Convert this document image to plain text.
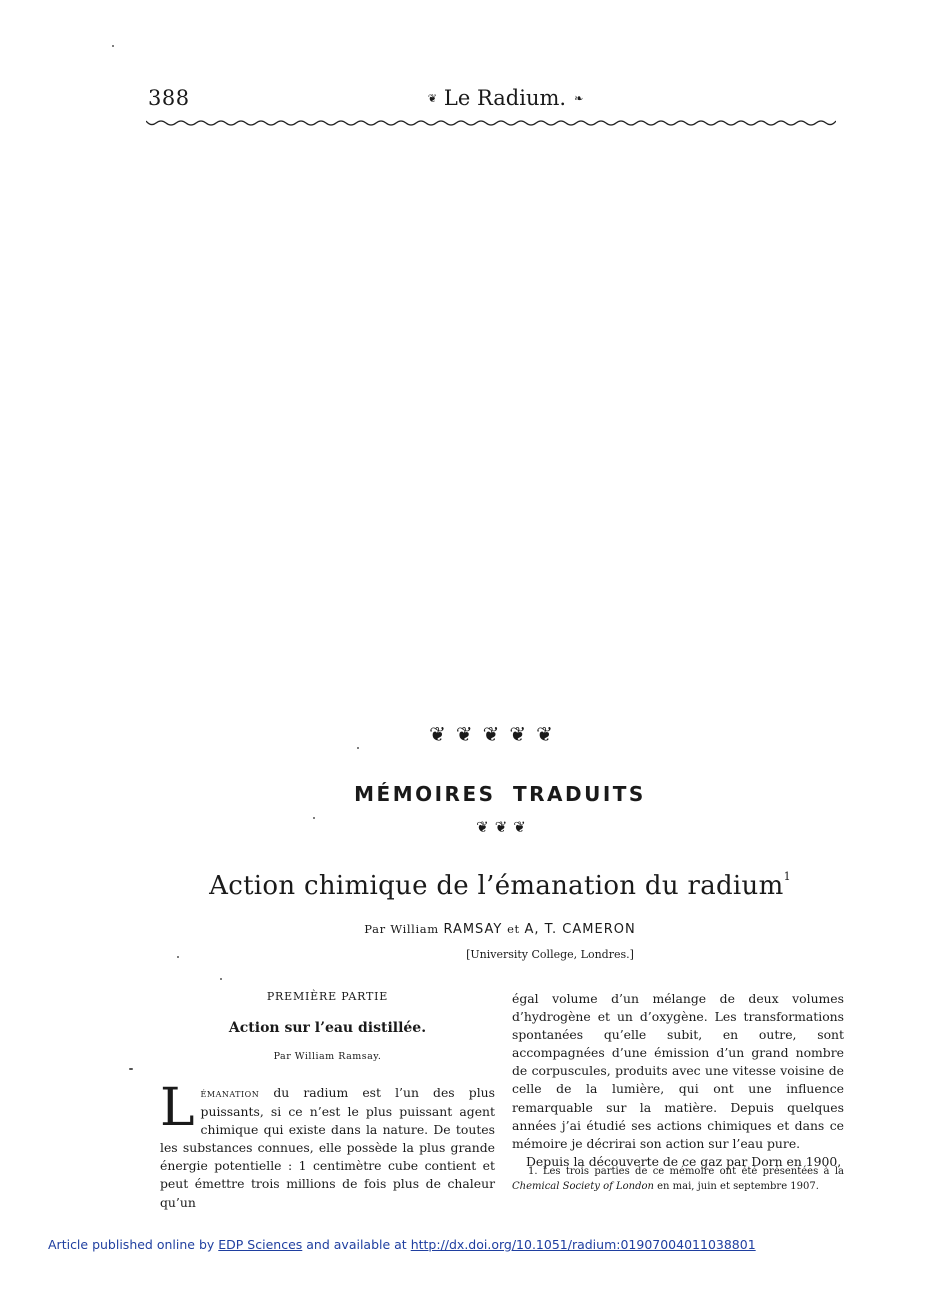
388	❦ Le Radium. ❧
❦❦❦❦❦
MÉMOIRES TRADUITS
❦❦❦
Action chimique de l’émanation du radium$^1$
Par William RAMSAY et A, T. CAMERON
[University College, Londres.]
PREMIÈRE PARTIE
Action sur l’eau distillée.
Par William Ramsay.
Lémanation du radium est l’un des plus puissants, si ce n’est le plus puissant agent chimique qui existe dans la nature. De toutes les substances connues, elle possède la plus grande énergie potentielle : 1 centimètre cube contient et peut émettre trois millions de fois plus de chaleur qu’un

égal volume d’un mélange de deux volumes d’hydrogène et un d’oxygène. Les transformations spontanées qu’elle subit, en outre, sont accompagnées d’une émission d’un grand nombre de corpuscules, produits avec une vitesse voisine de celle de la lumière, qui ont une influence remarquable sur la matière. Depuis quelques années j’ai étudié ses actions chimiques et dans ce mémoire je décrirai son action sur l’eau pure.

Depuis la découverte de ce gaz par Dorn en 1900,

1. Les trois parties de ce mémoire ont été présentées à la Chemical Society of London en mai, juin et septembre 1907.
Article published online by EDP Sciences and available at http://dx.doi.org/10.1051/radium:01907004011038801
